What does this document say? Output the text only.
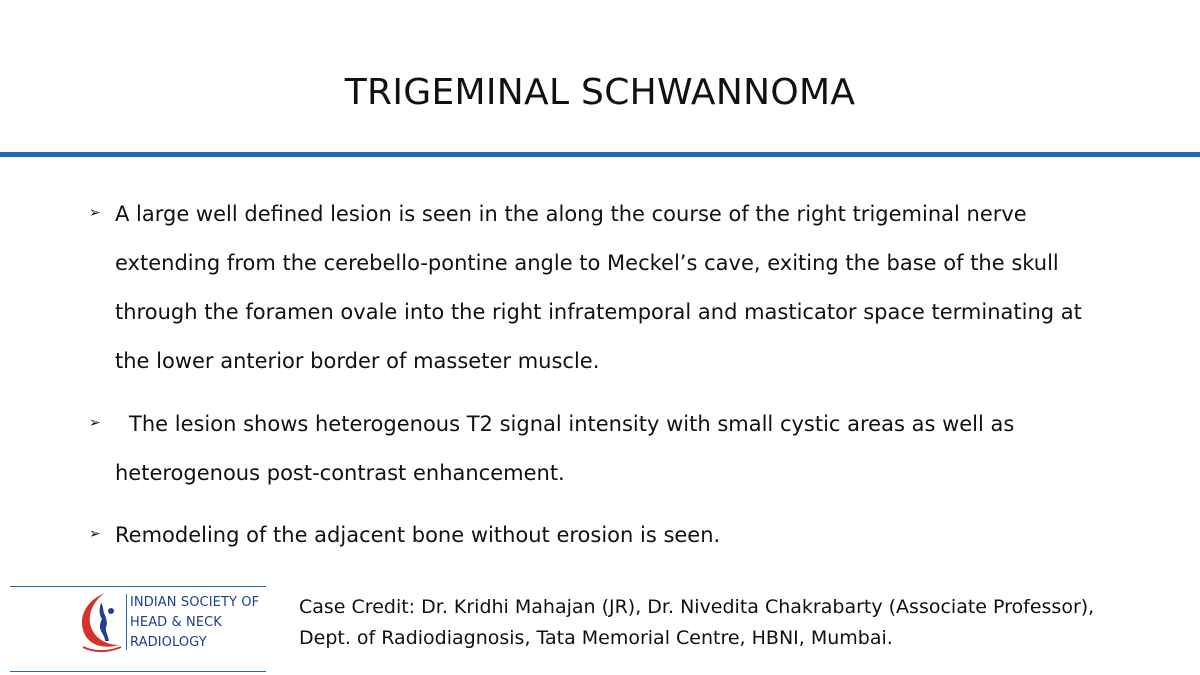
TRIGEMINAL SCHWANNOMA
➢ A large well defined lesion is seen in the along the course of the right trigeminal nerve extending from the cerebello-pontine angle to Meckel’s cave, exiting the base of the skull through the foramen ovale into the right infratemporal and masticator space terminating at the lower anterior border of masseter muscle.
➢	The lesion shows heterogenous T2 signal intensity with small cystic areas as well as heterogenous post-contrast enhancement.
➢ Remodeling of the adjacent bone without erosion is seen.
INDIAN SOCIETY OF
HEAD & NECK
RADIOLOGY
Case Credit: Dr. Kridhi Mahajan (JR), Dr. Nivedita Chakrabarty (Associate Professor), Dept. of Radiodiagnosis, Tata Memorial Centre, HBNI, Mumbai.
